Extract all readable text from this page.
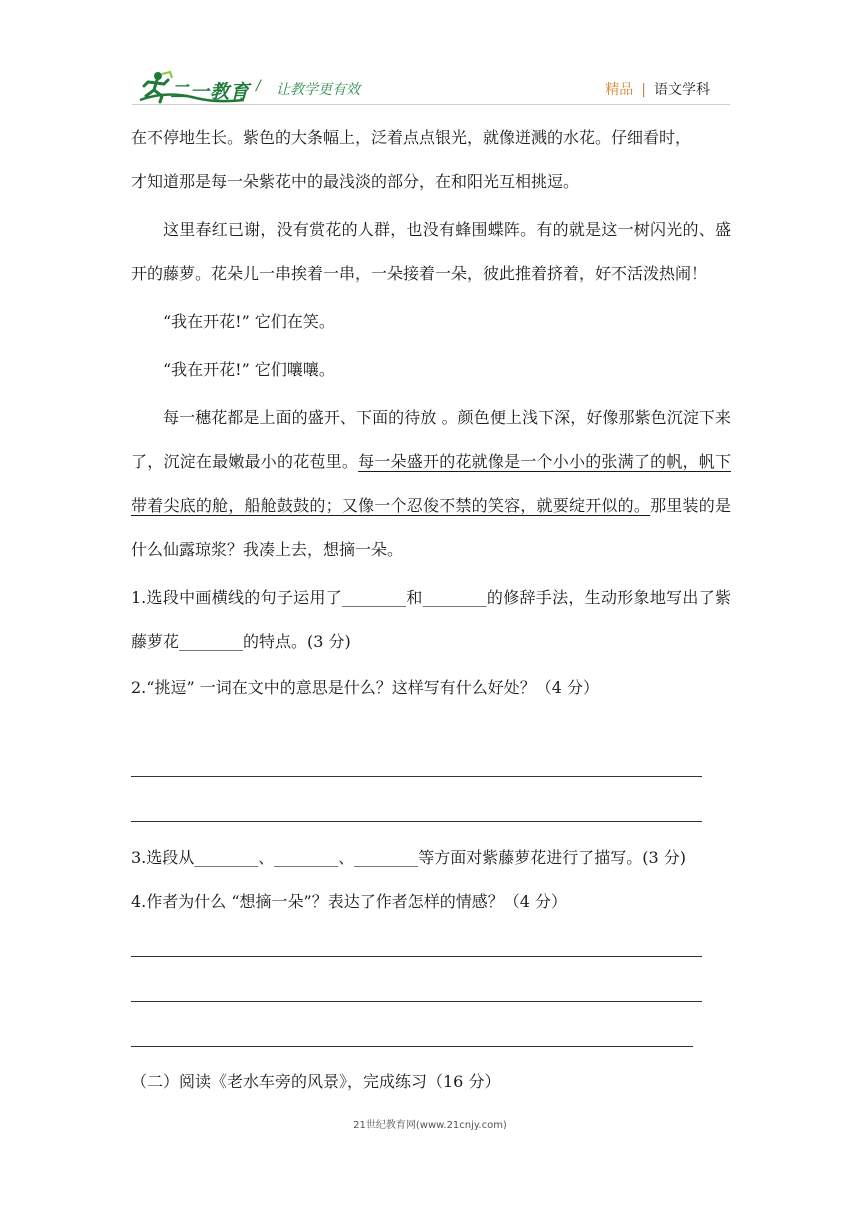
二一教育 / 让教学更有效	精品 | 语文学科

在不停地生长。紫色的大条幅上，泛着点点银光，就像迸溅的水花。仔细看时，

才知道那是每一朵紫花中的最浅淡的部分，在和阳光互相挑逗。

这里春红已谢，没有赏花的人群，也没有蜂围蝶阵。有的就是这一树闪光的、盛开的藤萝。花朵儿一串挨着一串，一朵接着一朵，彼此推着挤着，好不活泼热闹！

“我在开花!” 它们在笑。

“我在开花!” 它们嚷嚷。

每一穗花都是上面的盛开、下面的待放 。颜色便上浅下深，好像那紫色沉淀下来了，沉淀在最嫩最小的花苞里。每一朵盛开的花就像是一个小小的张满了的帆，帆下带着尖底的舱，船舱鼓鼓的；又像一个忍俊不禁的笑容，就要绽开似的。那里装的是什么仙露琼浆？我凑上去，想摘一朵。

1.选段中画横线的句子运用了________和________的修辞手法，生动形象地写出了紫藤萝花________的特点。(3 分)

2.“挑逗” 一词在文中的意思是什么？这样写有什么好处？（4 分）

3.选段从________、________、________等方面对紫藤萝花进行了描写。(3 分)

4.作者为什么 “想摘一朵”？表达了作者怎样的情感？（4 分）

（二）阅读《老水车旁的风景》，完成练习（16 分）

21世纪教育网(www.21cnjy.com)
